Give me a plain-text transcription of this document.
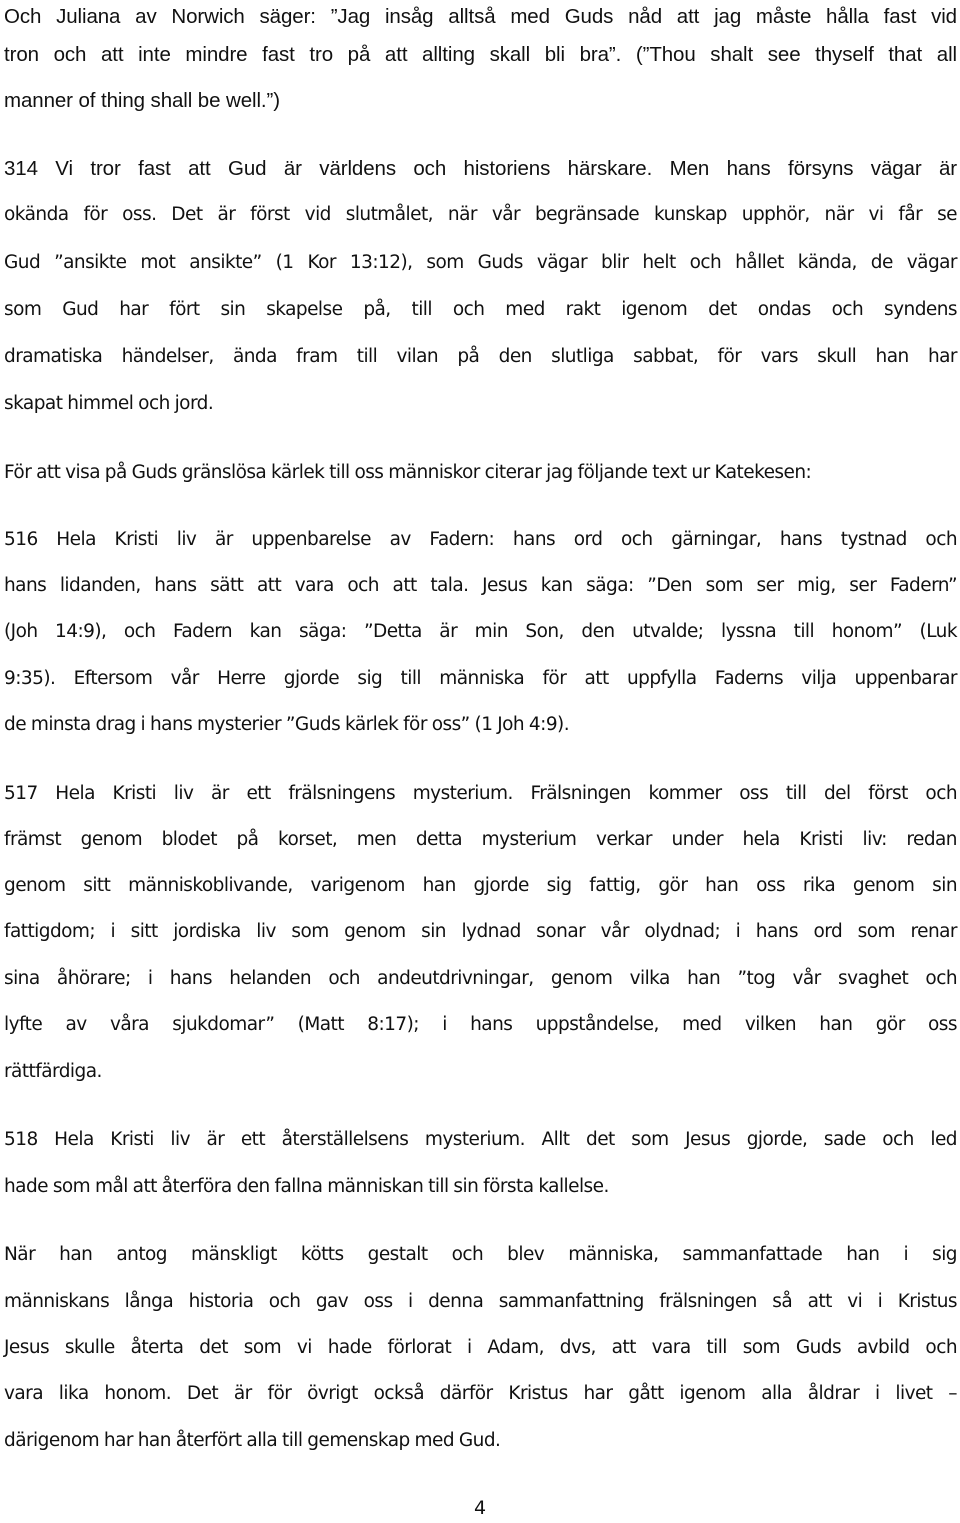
Och Juliana av Norwich säger: ”Jag insåg alltså med Guds nåd att jag måste hålla fast vid
tron och att inte mindre fast tro på att allting skall bli bra”. (”Thou shalt see thyself that all
manner of thing shall be well.”)
314 Vi tror fast att Gud är världens och historiens härskare. Men hans försyns vägar är
okända för oss. Det är först vid slutmålet, när vår begränsade kunskap upphör, när vi får se
Gud ”ansikte mot ansikte” (1 Kor 13:12), som Guds vägar blir helt och hållet kända, de vägar
som Gud har fört sin skapelse på, till och med rakt igenom det ondas och syndens
dramatiska händelser, ända fram till vilan på den slutliga sabbat, för vars skull han har
skapat himmel och jord.
För att visa på Guds gränslösa kärlek till oss människor citerar jag följande text ur Katekesen:
516 Hela Kristi liv är uppenbarelse av Fadern: hans ord och gärningar, hans tystnad och
hans lidanden, hans sätt att vara och att tala. Jesus kan säga: ”Den som ser mig, ser Fadern”
(Joh 14:9), och Fadern kan säga: ”Detta är min Son, den utvalde; lyssna till honom” (Luk
9:35). Eftersom vår Herre gjorde sig till människa för att uppfylla Faderns vilja uppenbarar
de minsta drag i hans mysterier ”Guds kärlek för oss” (1 Joh 4:9).
517 Hela Kristi liv är ett frälsningens mysterium. Frälsningen kommer oss till del först och
främst genom blodet på korset, men detta mysterium verkar under hela Kristi liv: redan
genom sitt människoblivande, varigenom han gjorde sig fattig, gör han oss rika genom sin
fattigdom; i sitt jordiska liv som genom sin lydnad sonar vår olydnad; i hans ord som renar
sina åhörare; i hans helanden och andeutdrivningar, genom vilka han ”tog vår svaghet och
lyfte av våra sjukdomar” (Matt 8:17); i hans uppståndelse, med vilken han gör oss
rättfärdiga.
518 Hela Kristi liv är ett återställelsens mysterium. Allt det som Jesus gjorde, sade och led
hade som mål att återföra den fallna människan till sin första kallelse.
När han antog mänskligt kötts gestalt och blev människa, sammanfattade han i sig
människans långa historia och gav oss i denna sammanfattning frälsningen så att vi i Kristus
Jesus skulle återta det som vi hade förlorat i Adam, dvs, att vara till som Guds avbild och
vara lika honom. Det är för övrigt också därför Kristus har gått igenom alla åldrar i livet –
därigenom har han återfört alla till gemenskap med Gud.
4
